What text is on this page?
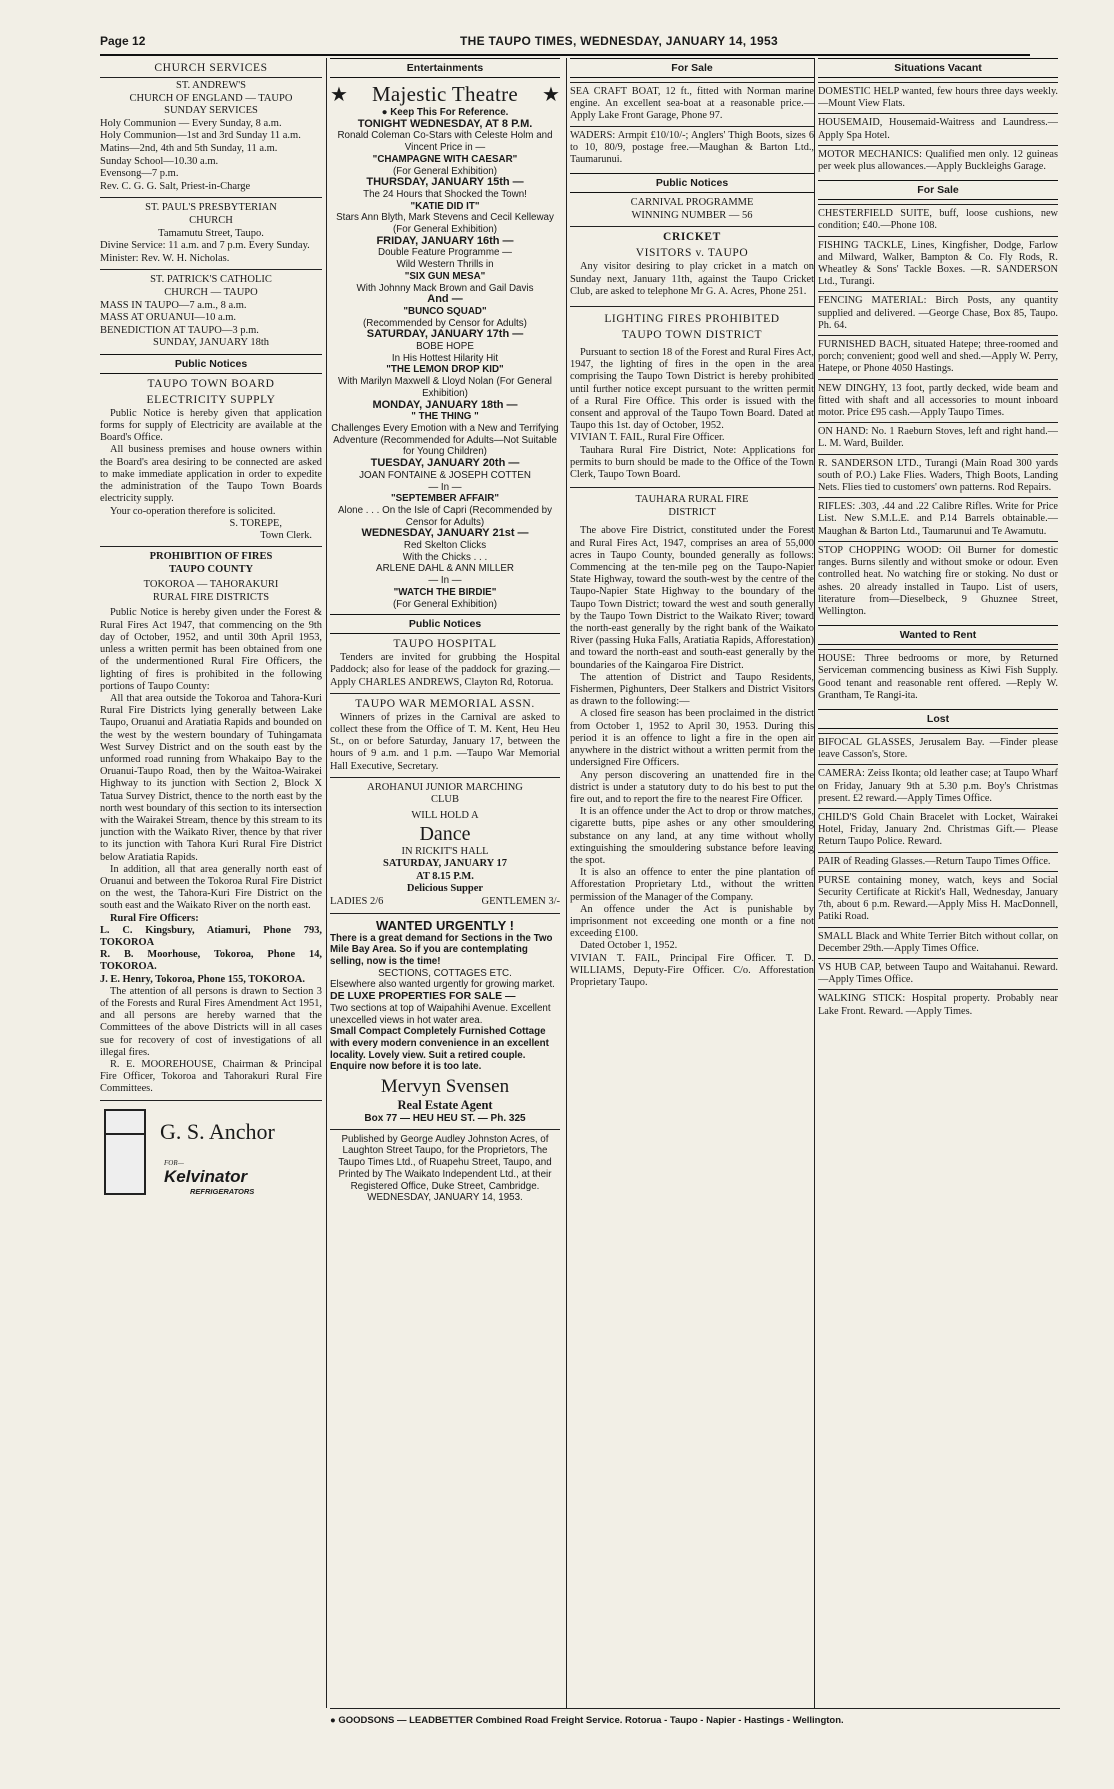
Page 12	THE TAUPO TIMES, WEDNESDAY, JANUARY 14, 1953
CHURCH SERVICES

ST. ANDREW'S

CHURCH OF ENGLAND — TAUPO

SUNDAY SERVICES

Holy Communion — Every Sunday, 8 a.m.

Holy Communion—1st and 3rd Sunday 11 a.m.

Matins—2nd, 4th and 5th Sunday, 11 a.m.

Sunday School—10.30 a.m.

Evensong—7 p.m.

Rev. C. G. G. Salt, Priest-in-Charge

ST. PAUL'S PRESBYTERIAN

CHURCH

Tamamutu Street, Taupo.

Divine Service: 11 a.m. and 7 p.m. Every Sunday.

Minister: Rev. W. H. Nicholas.

ST. PATRICK'S CATHOLIC

CHURCH — TAUPO

MASS IN TAUPO—7 a.m., 8 a.m.

MASS AT ORUANUI—10 a.m.

BENEDICTION AT TAUPO—3 p.m.

SUNDAY, JANUARY 18th

Public Notices
TAUPO TOWN BOARD
ELECTRICITY SUPPLY

Public Notice is hereby given that application forms for supply of Electricity are available at the Board's Office.

All business premises and house owners within the Board's area desiring to be connected are asked to make immediate application in order to expedite the administration of the Taupo Town Boards electricity supply.

Your co-operation therefore is solicited.

S. TOREPE,

Town Clerk.

PROHIBITION OF FIRES

TAUPO COUNTY

TOKOROA — TAHORAKURI

RURAL FIRE DISTRICTS

Public Notice is hereby given under the Forest & Rural Fires Act 1947, that commencing on the 9th day of October, 1952, and until 30th April 1953, unless a written permit has been obtained from one of the undermentioned Rural Fire Officers, the lighting of fires is prohibited in the following portions of Taupo County:

All that area outside the Tokoroa and Tahora-Kuri Rural Fire Districts lying generally between Lake Taupo, Oruanui and Aratiatia Rapids and bounded on the west by the western boundary of Tuhingamata West Survey District and on the south east by the unformed road running from Whakaipo Bay to the Oruanui-Taupo Road, then by the Waitoa-Wairakei Highway to its junction with Section 2, Block X Tatua Survey District, thence to the north east by the north west boundary of this section to its intersection with the Wairakei Stream, thence by this stream to its junction with the Waikato River, thence by that river to its junction with Tahora Kuri Rural Fire District below Aratiatia Rapids.

In addition, all that area generally north east of Oruanui and between the Tokoroa Rural Fire District on the west, the Tahora-Kuri Fire District on the south east and the Waikato River on the north east.

Rural Fire Officers:

L. C. Kingsbury, Atiamuri, Phone 793, TOKOROA

R. B. Moorhouse, Tokoroa, Phone 14, TOKOROA.

J. E. Henry, Tokoroa, Phone 155, TOKOROA.

The attention of all persons is drawn to Section 3 of the Forests and Rural Fires Amendment Act 1951, and all persons are hereby warned that the Committees of the above Districts will in all cases sue for recovery of cost of investigations of all illegal fires.

R. E. MOOREHOUSE, Chairman & Principal Fire Officer, Tokoroa and Tahorakuri Rural Fire Committees.

G. S. Anchor
FOR—
Kelvinator
REFRIGERATORS
Entertainments
★ Majestic Theatre ★
● Keep This For Reference.

TONIGHT WEDNESDAY, AT 8 P.M.

Ronald Coleman Co-Stars with Celeste Holm and Vincent Price in —

"CHAMPAGNE WITH CAESAR"

(For General Exhibition)

THURSDAY, JANUARY 15th —

The 24 Hours that Shocked the Town!

"KATIE DID IT"

Stars Ann Blyth, Mark Stevens and Cecil Kelleway (For General Exhibition)

FRIDAY, JANUARY 16th —

Double Feature Programme —

Wild Western Thrills in

"SIX GUN MESA"

With Johnny Mack Brown and Gail Davis

And —

"BUNCO SQUAD"

(Recommended by Censor for Adults)

SATURDAY, JANUARY 17th —

BOBE HOPE

In His Hottest Hilarity Hit

"THE LEMON DROP KID"

With Marilyn Maxwell & Lloyd Nolan (For General Exhibition)

MONDAY, JANUARY 18th —

" THE THING "

Challenges Every Emotion with a New and Terrifying Adventure (Recommended for Adults—Not Suitable for Young Children)

TUESDAY, JANUARY 20th —

JOAN FONTAINE & JOSEPH COTTEN

— In —

"SEPTEMBER AFFAIR"

Alone . . . On the Isle of Capri (Recommended by Censor for Adults)

WEDNESDAY, JANUARY 21st —

Red Skelton Clicks

With the Chicks . . .

ARLENE DAHL & ANN MILLER

— In —

"WATCH THE BIRDIE"

(For General Exhibition)

Public Notices
TAUPO HOSPITAL

Tenders are invited for grubbing the Hospital Paddock; also for lease of the paddock for grazing.—Apply CHARLES ANDREWS, Clayton Rd, Rotorua.

TAUPO WAR MEMORIAL ASSN.

Winners of prizes in the Carnival are asked to collect these from the Office of T. M. Kent, Heu Heu St., on or before Saturday, January 17, between the hours of 9 a.m. and 1 p.m. —Taupo War Memorial Hall Executive, Secretary.

AROHANUI JUNIOR MARCHING

CLUB

WILL HOLD A

Dance

IN RICKIT'S HALL

SATURDAY, JANUARY 17

AT 8.15 P.M.

Delicious Supper

LADIES 2/6	GENTLEMEN 3/-
WANTED URGENTLY !

There is a great demand for Sections in the Two Mile Bay Area. So if you are contemplating selling, now is the time!

SECTIONS, COTTAGES ETC.

Elsewhere also wanted urgently for growing market.

DE LUXE PROPERTIES FOR SALE —

Two sections at top of Waipahihi Avenue. Excellent unexcelled views in hot water area.

Small Compact Completely Furnished Cottage with every modern convenience in an excellent locality. Lovely view. Suit a retired couple. Enquire now before it is too late.

Mervyn Svensen
Real Estate Agent
Box 77 — HEU HEU ST. — Ph. 325

Published by George Audley Johnston Acres, of Laughton Street Taupo, for the Proprietors, The Taupo Times Ltd., of Ruapehu Street, Taupo, and Printed by The Waikato Independent Ltd., at their Registered Office, Duke Street, Cambridge.

WEDNESDAY, JANUARY 14, 1953.

For Sale

SEA CRAFT BOAT, 12 ft., fitted with Norman marine engine. An excellent sea-boat at a reasonable price.—Apply Lake Front Garage, Phone 97.

WADERS: Armpit £10/10/-; Anglers' Thigh Boots, sizes 6 to 10, 80/9, postage free.—Maughan & Barton Ltd., Taumarunui.

Public Notices

CARNIVAL PROGRAMME

WINNING NUMBER — 56

CRICKET
VISITORS v. TAUPO

Any visitor desiring to play cricket in a match on Sunday next, January 11th, against the Taupo Cricket Club, are asked to telephone Mr G. A. Acres, Phone 251.

LIGHTING FIRES PROHIBITED
TAUPO TOWN DISTRICT

Pursuant to section 18 of the Forest and Rural Fires Act, 1947, the lighting of fires in the open in the area comprising the Taupo Town District is hereby prohibited until further notice except pursuant to the written permit of a Rural Fire Office. This order is issued with the consent and approval of the Taupo Town Board. Dated at Taupo this 1st. day of October, 1952.

VIVIAN T. FAIL, Rural Fire Officer.

Tauhara Rural Fire District, Note: Applications for permits to burn should be made to the Office of the Town Clerk, Taupo Town Board.

TAUHARA RURAL FIRE

DISTRICT

The above Fire District, constituted under the Forest and Rural Fires Act, 1947, comprises an area of 55,000 acres in Taupo County, bounded generally as follows: Commencing at the ten-mile peg on the Taupo-Napier State Highway, toward the south-west by the centre of the Taupo-Napier State Highway to the boundary of the Taupo Town District; toward the west and south generally by the Taupo Town District to the Waikato River; toward the north-east generally by the right bank of the Waikato River (passing Huka Falls, Aratiatia Rapids, Afforestation) and toward the north-east and south-east generally by the boundaries of the Kaingaroa Fire District.

The attention of District and Taupo Residents, Fishermen, Pighunters, Deer Stalkers and District Visitors as drawn to the following:—

A closed fire season has been proclaimed in the district from October 1, 1952 to April 30, 1953. During this period it is an offence to light a fire in the open air anywhere in the district without a written permit from the undersigned Fire Officers.

Any person discovering an unattended fire in the district is under a statutory duty to do his best to put the fire out, and to report the fire to the nearest Fire Officer.

It is an offence under the Act to drop or throw matches, cigarette butts, pipe ashes or any other smouldering substance on any land, at any time without wholly extinguishing the smouldering substance before leaving the spot.

It is also an offence to enter the pine plantation of Afforestation Proprietary Ltd., without the written permission of the Manager of the Company.

An offence under the Act is punishable by imprisonment not exceeding one month or a fine not exceeding £100.

Dated October 1, 1952.

VIVIAN T. FAIL, Principal Fire Officer. T. D. WILLIAMS, Deputy-Fire Officer. C/o. Afforestation Proprietary Taupo.

Situations Vacant

DOMESTIC HELP wanted, few hours three days weekly.—Mount View Flats.

HOUSEMAID, Housemaid-Waitress and Laundress.—Apply Spa Hotel.

MOTOR MECHANICS: Qualified men only. 12 guineas per week plus allowances.—Apply Buckleighs Garage.

For Sale

CHESTERFIELD SUITE, buff, loose cushions, new condition; £40.—Phone 108.

FISHING TACKLE, Lines, Kingfisher, Dodge, Farlow and Milward, Walker, Bampton & Co. Fly Rods, R. Wheatley & Sons' Tackle Boxes. —R. SANDERSON Ltd., Turangi.

FENCING MATERIAL: Birch Posts, any quantity supplied and delivered. —George Chase, Box 85, Taupo. Ph. 64.

FURNISHED BACH, situated Hatepe; three-roomed and porch; convenient; good well and shed.—Apply W. Perry, Hatepe, or Phone 4050 Hastings.

NEW DINGHY, 13 foot, partly decked, wide beam and fitted with shaft and all accessories to mount inboard motor. Price £95 cash.—Apply Taupo Times.

ON HAND: No. 1 Raeburn Stoves, left and right hand.—L. M. Ward, Builder.

R. SANDERSON LTD., Turangi (Main Road 300 yards south of P.O.) Lake Flies. Waders, Thigh Boots, Landing Nets. Flies tied to customers' own patterns. Rod Repairs.

RIFLES: .303, .44 and .22 Calibre Rifles. Write for Price List. New S.M.L.E. and P.14 Barrels obtainable.—Maughan & Barton Ltd., Taumarunui and Te Awamutu.

STOP CHOPPING WOOD: Oil Burner for domestic ranges. Burns silently and without smoke or odour. Even controlled heat. No watching fire or stoking. No dust or ashes. 20 already installed in Taupo. List of users, literature from—Dieselbeck, 9 Ghuznee Street, Wellington.

Wanted to Rent

HOUSE: Three bedrooms or more, by Returned Serviceman commencing business as Kiwi Fish Supply. Good tenant and reasonable rent offered. —Reply W. Grantham, Te Rangi-ita.

Lost

BIFOCAL GLASSES, Jerusalem Bay. —Finder please leave Casson's, Store.

CAMERA: Zeiss Ikonta; old leather case; at Taupo Wharf on Friday, January 9th at 5.30 p.m. Boy's Christmas present. £2 reward.—Apply Times Office.

CHILD'S Gold Chain Bracelet with Locket, Wairakei Hotel, Friday, January 2nd. Christmas Gift.— Please Return Taupo Police. Reward.

PAIR of Reading Glasses.—Return Taupo Times Office.

PURSE containing money, watch, keys and Social Security Certificate at Rickit's Hall, Wednesday, January 7th, about 6 p.m. Reward.—Apply Miss H. MacDonnell, Patiki Road.

SMALL Black and White Terrier Bitch without collar, on December 29th.—Apply Times Office.

VS HUB CAP, between Taupo and Waitahanui. Reward.—Apply Times Office.

WALKING STICK: Hospital property. Probably near Lake Front. Reward. —Apply Times.

● GOODSONS — LEADBETTER Combined Road Freight Service. Rotorua - Taupo - Napier - Hastings - Wellington.
